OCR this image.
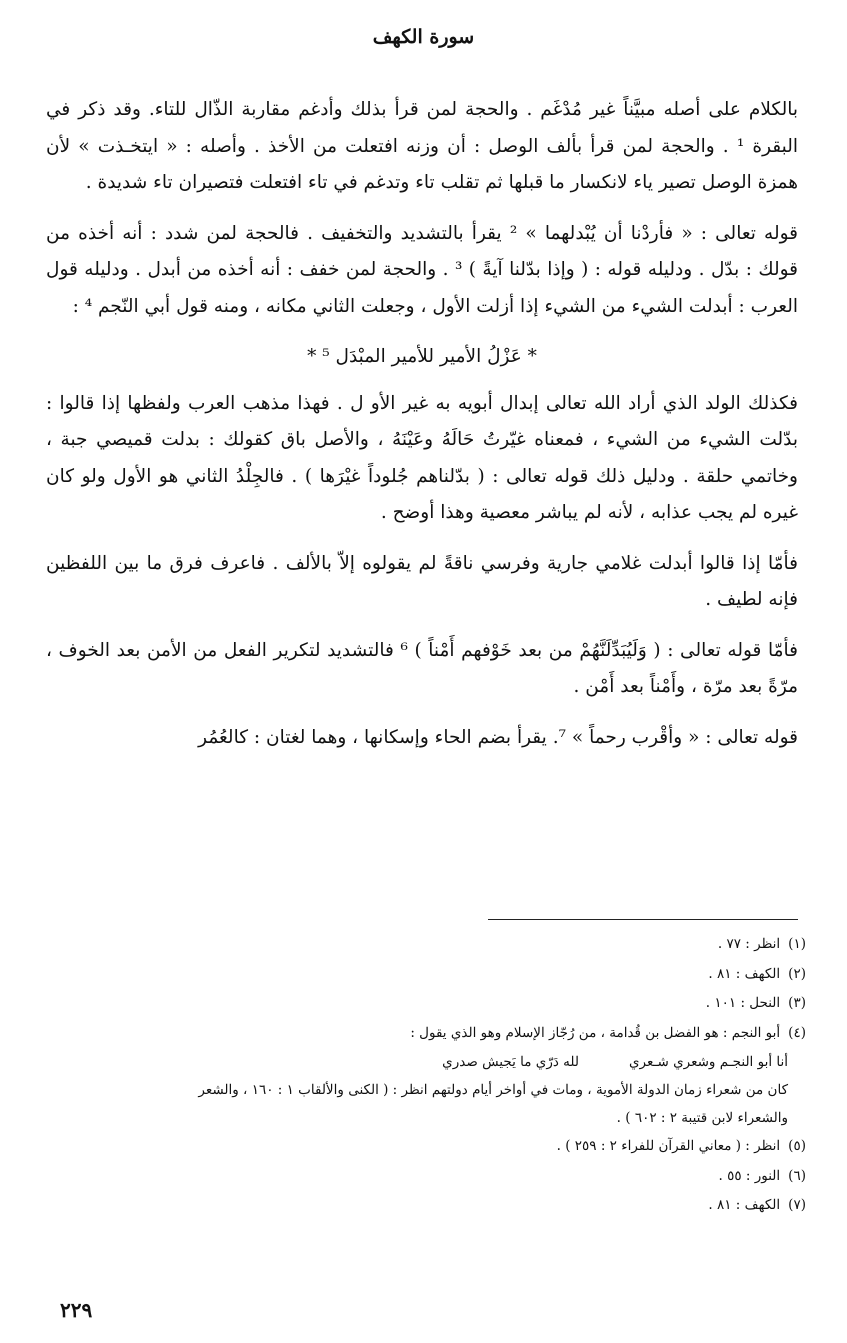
سورة الكهف

بالكلام على أصله مبيَّناً غير مُدْغَم . والحجة لمن قرأ بذلك وأدغم مقاربة الذّال للتاء. وقد ذكر في البقرة ¹ . والحجة لمن قرأ بألف الوصل : أن وزنه افتعلت من الأخذ . وأصله : « ايتخـذت » لأن همزة الوصل تصير ياء لانكسار ما قبلها ثم تقلب تاء وتدغم في تاء افتعلت فتصيران تاء شديدة .

قوله تعالى : « فأردْنا أن يُبْدلهما » ² يقرأ بالتشديد والتخفيف . فالحجة لمن شدد : أنه أخذه من قولك : بدّل . ودليله قوله : ( وإذا بدّلنا آيةً ) ³ . والحجة لمن خفف : أنه أخذه من أبدل . ودليله قول العرب : أبدلت الشيء من الشيء إذا أزلت الأول ، وجعلت الثاني مكانه ، ومنه قول أبي النّجم ⁴ :

* عَزْلُ الأمير للأمير المبْدَل ⁵ *

فكذلك الولد الذي أراد الله تعالى إبدال أبويه به غير الأو ل . فهذا مذهب العرب ولفظها إذا قالوا : بدّلت الشيء من الشيء ، فمعناه غيّرتُ حَالَهُ وعَيْنَهُ ، والأصل باق كقولك : بدلت قميصي جبة ، وخاتمي حلقة . ودليل ذلك قوله تعالى : ( بدّلناهم جُلوداً غيْرَها ) . فالجِلْدُ الثاني هو الأول ولو كان غيره لم يجب عذابه ، لأنه لم يباشر معصية وهذا أوضح .

فأمّا إذا قالوا أبدلت غلامي جارية وفرسي ناقةً لم يقولوه إلاّ بالألف . فاعرف فرق ما بين اللفظين فإنه لطيف .

فأمّا قوله تعالى : ( وَلَيُبَدِّلَنَّهُمْ من بعد خَوْفهم أَمْناً ) ⁶ فالتشديد لتكرير الفعل من الأمن بعد الخوف ، مرّةً بعد مرّة ، وأَمْناً بعد أَمْن .

قوله تعالى : « وأقْرب رحماً » ⁷. يقرأ بضم الحاء وإسكانها ، وهما لغتان : كالعُمُر

(١)انظر : ٧٧ .

(٢)الكهف : ٨١ .

(٣)النحل : ١٠١ .

(٤)أبو النجم : هو الفضل بن قُدامة ، من رُجّاز الإسلام وهو الذي يقول :

أنا أبو النجـم وشعري شـعري
لله دَرّي ما يَجيش صدري

كان من شعراء زمان الدولة الأموية ، ومات في أواخر أيام دولتهم انظر : ( الكنى والألقاب ١ : ١٦٠ ، والشعر

والشعراء لابن قتيبة ٢ : ٦٠٢ ) .

(٥)انظر : ( معاني القرآن للفراء ٢ : ٢٥٩ ) .

(٦)النور : ٥٥ .

(٧)الكهف : ٨١ .

٢٢٩
